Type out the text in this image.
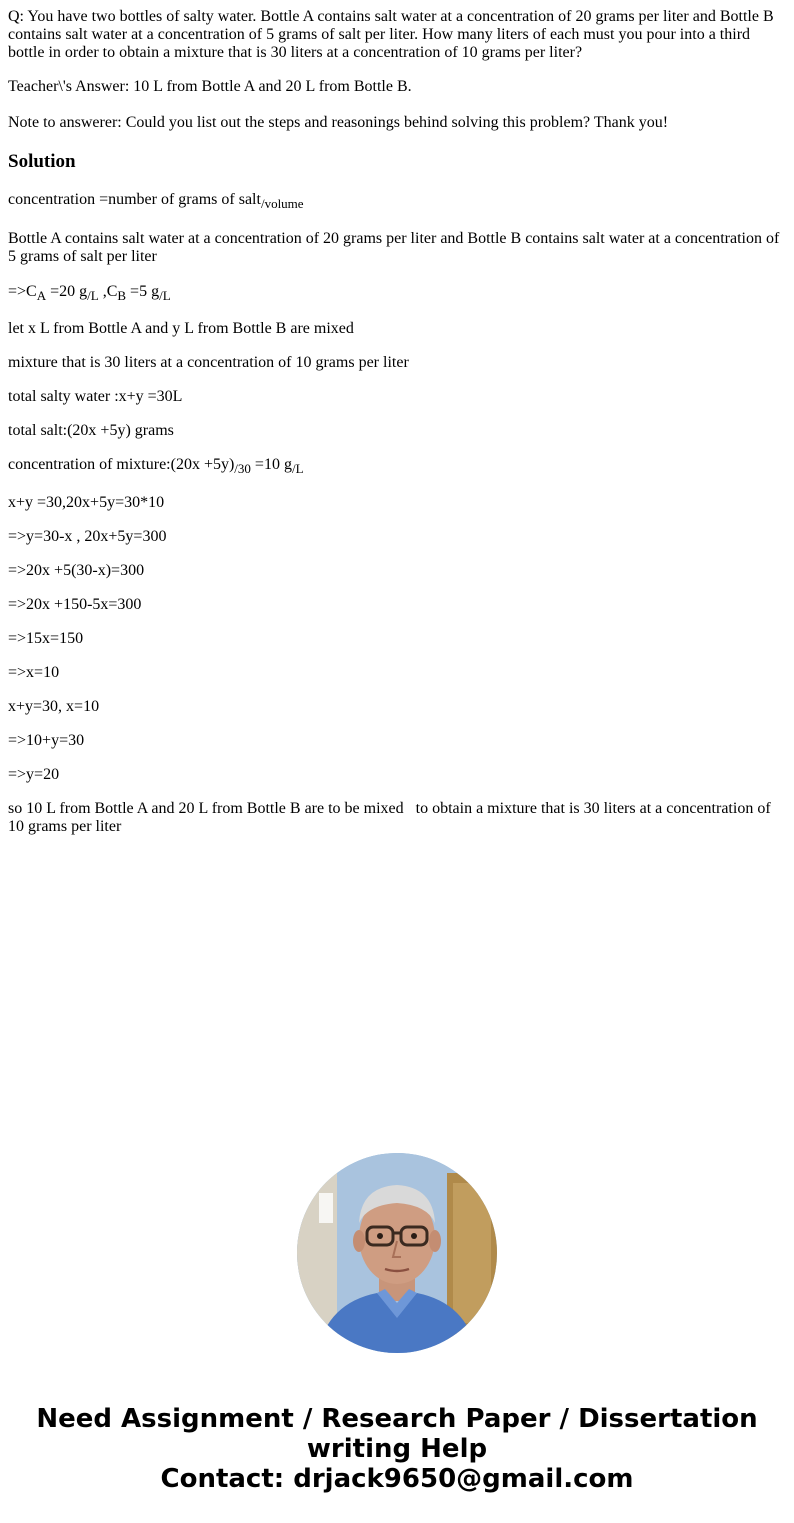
Q: You have two bottles of salty water. Bottle A contains salt water at a concentration of 20 grams per liter and Bottle B contains salt water at a concentration of 5 grams of salt per liter. How many liters of each must you pour into a third bottle in order to obtain a mixture that is 30 liters at a concentration of 10 grams per liter?

Teacher\'s Answer: 10 L from Bottle A and 20 L from Bottle B.

Note to answerer: Could you list out the steps and reasonings behind solving this problem? Thank you!

Solution

concentration =number of grams of salt$_{/volume}$

Bottle A contains salt water at a concentration of 20 grams per liter and Bottle B contains salt water at a concentration of 5 grams of salt per liter

$=>C_A =20$ $g_{/L}$ $,C_B =5$ $g_{/L}$

let x L from Bottle A and y L from Bottle B are mixed

mixture that is 30 liters at a concentration of 10 grams per liter

total salty water :x+y =30L

total salt:(20x +5y) grams

concentration of mixture:(20x $+5y)_{/30} =10$ $g_{/L}$

x+y =30,20x+5y=30*10

=>y=30-x , 20x+5y=300

=>20x +5(30-x)=300

=>20x +150-5x=300

=>15x=150

=>x=10

x+y=30, x=10

=>10+y=30

=>y=20

so 10 L from Bottle A and 20 L from Bottle B are to be mixed   to obtain a mixture that is 30 liters at a concentration of 10 grams per liter

Need Assignment / Research Paper / Dissertation
writing Help
Contact: drjack9650@gmail.com
